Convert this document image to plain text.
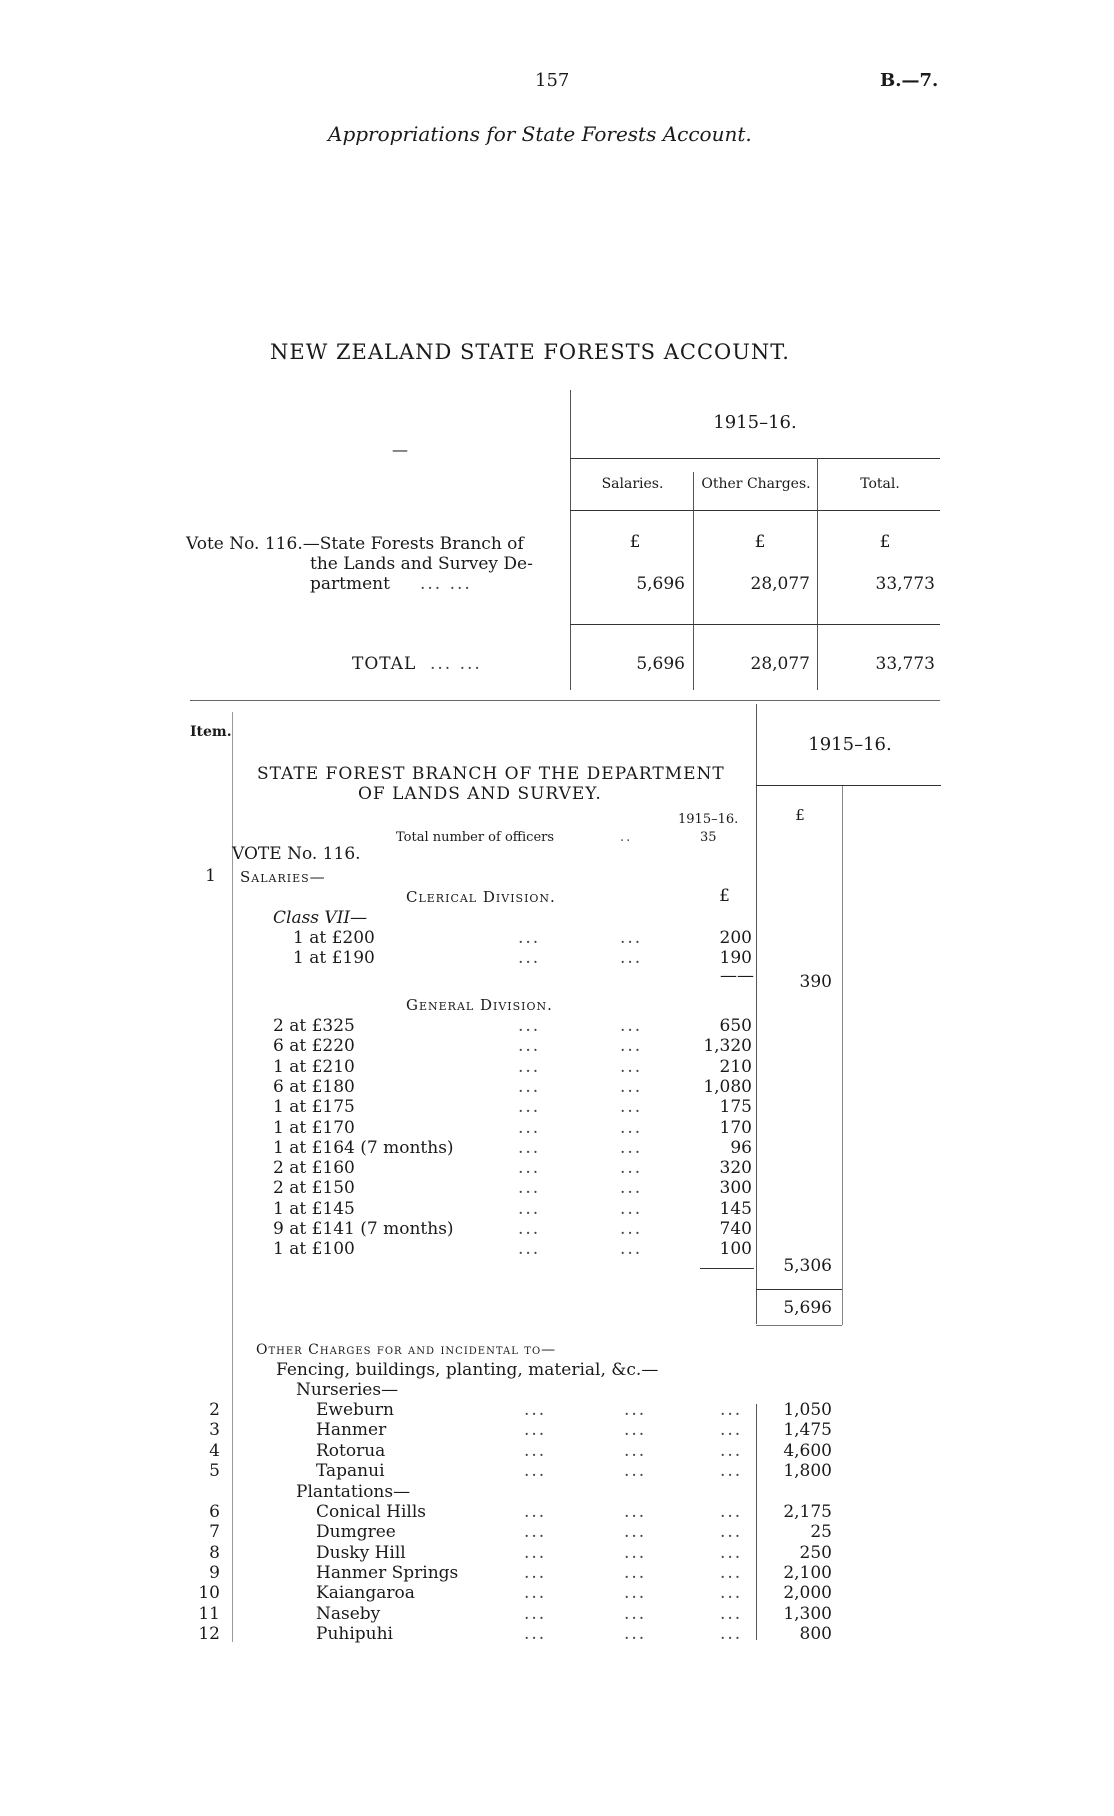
157	B.—7.
Appropriations for State Forests Account.
NEW ZEALAND STATE FORESTS ACCOUNT.
—
1915–16.
Salaries.	Other Charges.	Total.
£	£	£
Vote No. 116.—State Forests Branch of
the Lands and Survey De-
partment ... ...	5,696	28,077	33,773
TOTAL ... ...	5,696	28,077	33,773
Item.
1915–16.
STATE FOREST BRANCH OF THE DEPARTMENT
OF LANDS AND SURVEY.
£
1915–16.
Total number of officers	..	35
VOTE No. 116.
1 Salaries—
Clerical Division.	£
Class VII—
1 at £200	...	...	200
1 at £190	...	...	190
——	390
General Division.
2 at £325	...	...	650
6 at £220	...	...	1,320
1 at £210	...	...	210
6 at £180	...	...	1,080
1 at £175	...	...	175
1 at £170	...	...	170
1 at £164 (7 months)	...	...	96
2 at £160	...	...	320
2 at £150	...	...	300
1 at £145	...	...	145
9 at £141 (7 months)	...	...	740
1 at £100	...	...	100
5,306
5,696
Other Charges for and incidental to—
Fencing, buildings, planting, material, &c.—
Nurseries—
2	Eweburn	...	...	...	1,050
3	Hanmer	...	...	...	1,475
4	Rotorua	...	...	...	4,600
5	Tapanui	...	...	...	1,800
Plantations—
6	Conical Hills	...	...	...	2,175
7	Dumgree	...	...	...	25
8	Dusky Hill	...	...	...	250
9	Hanmer Springs	...	...	...	2,100
10	Kaiangaroa	...	...	...	2,000
11	Naseby	...	...	...	1,300
12	Puhipuhi	...	...	...	800
